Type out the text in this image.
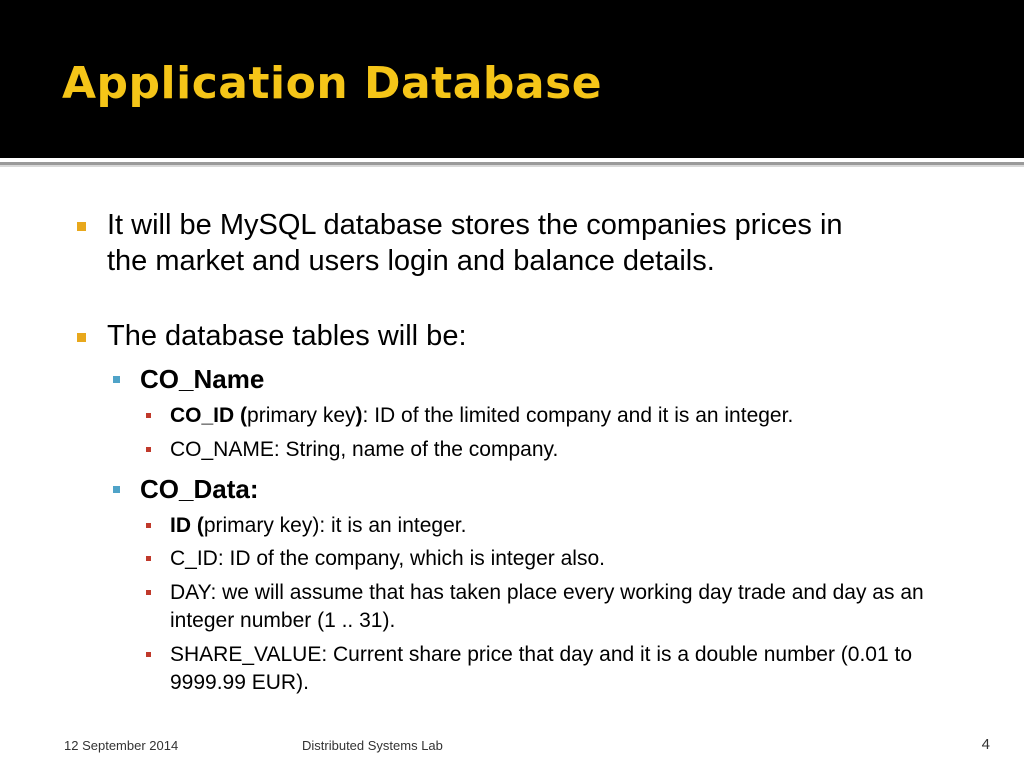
Application Database
It will be MySQL database stores the companies prices in the market and users login and balance details.
The database tables will be:
CO_Name
CO_ID (primary key): ID of the limited company and it is an integer.
CO_NAME: String, name of the company.
CO_Data:
ID (primary key): it is an integer.
C_ID: ID of the company, which is integer also.
DAY: we will assume that has taken place every working day trade and day as an integer number (1 .. 31).
SHARE_VALUE: Current share price that day and it is a double number (0.01 to 9999.99 EUR).
12 September 2014	Distributed Systems Lab	4
